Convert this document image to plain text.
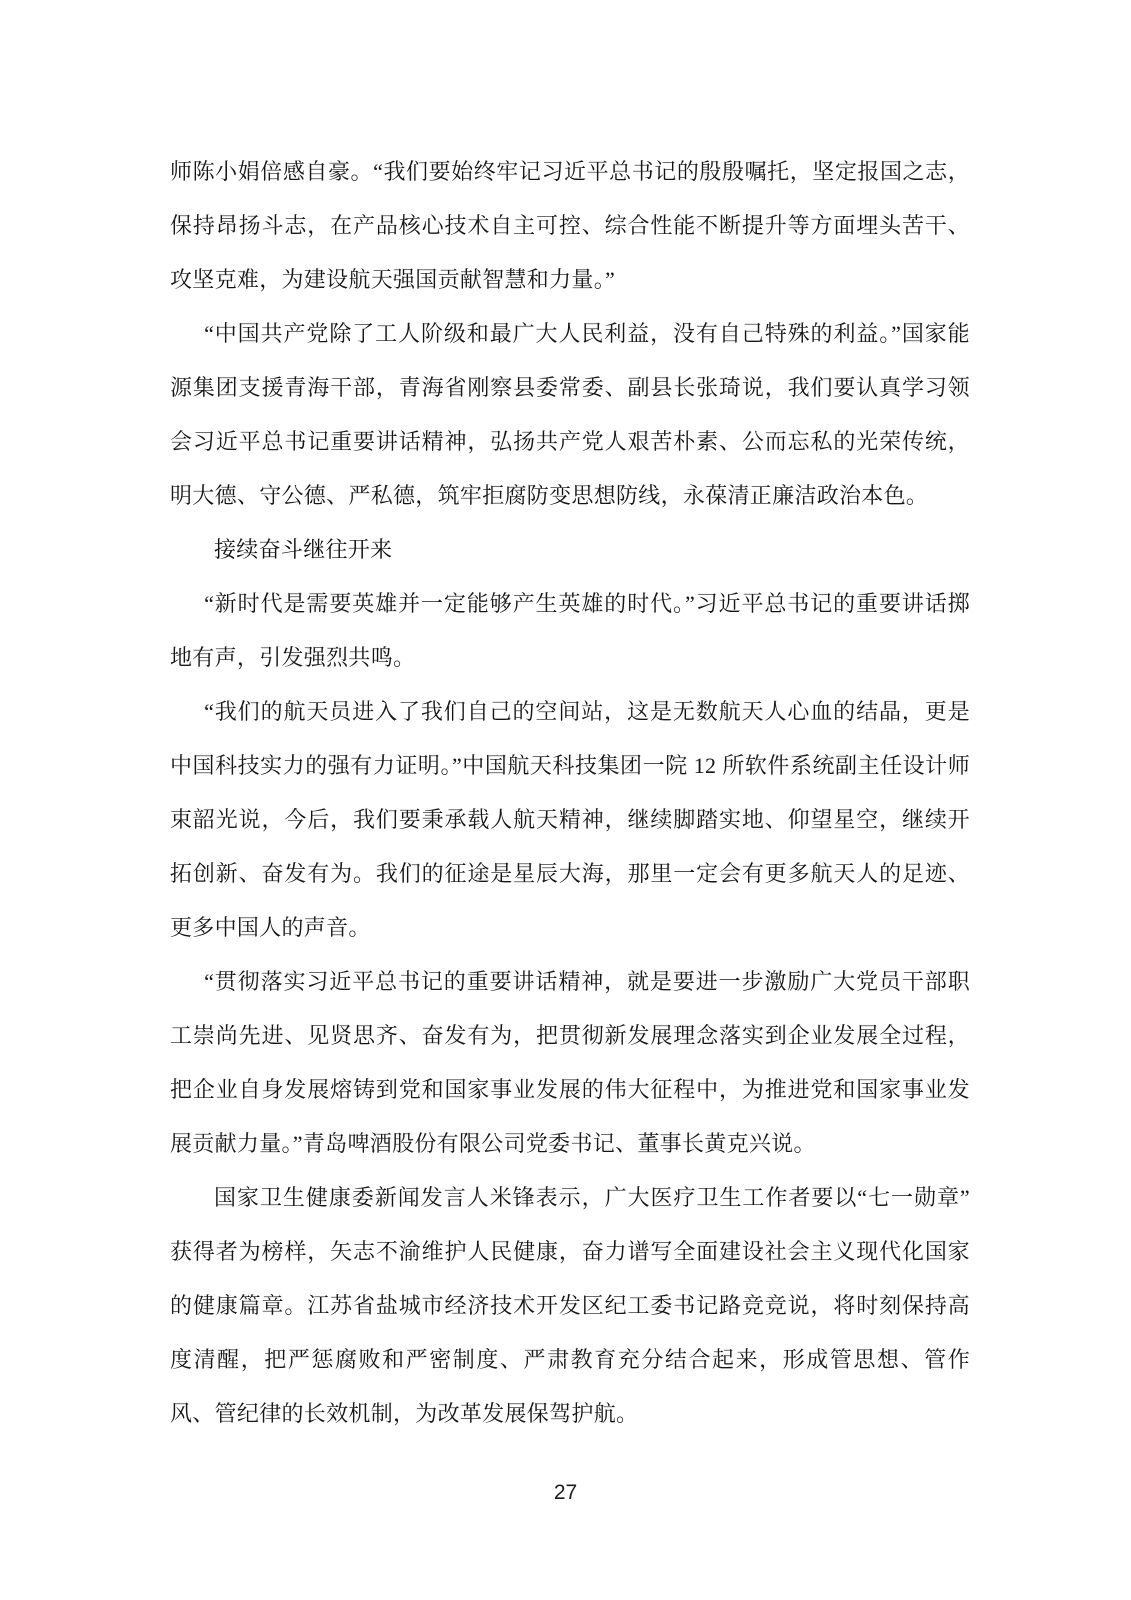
师陈小娟倍感自豪。“我们要始终牢记习近平总书记的殷殷嘱托，坚定报国之志，保持昂扬斗志，在产品核心技术自主可控、综合性能不断提升等方面埋头苦干、攻坚克难，为建设航天强国贡献智慧和力量。”

“中国共产党除了工人阶级和最广大人民利益，没有自己特殊的利益。”国家能源集团支援青海干部，青海省刚察县委常委、副县长张琦说，我们要认真学习领会习近平总书记重要讲话精神，弘扬共产党人艰苦朴素、公而忘私的光荣传统，明大德、守公德、严私德，筑牢拒腐防变思想防线，永葆清正廉洁政治本色。

接续奋斗继往开来

“新时代是需要英雄并一定能够产生英雄的时代。”习近平总书记的重要讲话掷地有声，引发强烈共鸣。

“我们的航天员进入了我们自己的空间站，这是无数航天人心血的结晶，更是中国科技实力的强有力证明。”中国航天科技集团一院 12 所软件系统副主任设计师束韶光说，今后，我们要秉承载人航天精神，继续脚踏实地、仰望星空，继续开拓创新、奋发有为。我们的征途是星辰大海，那里一定会有更多航天人的足迹、更多中国人的声音。

“贯彻落实习近平总书记的重要讲话精神，就是要进一步激励广大党员干部职工崇尚先进、见贤思齐、奋发有为，把贯彻新发展理念落实到企业发展全过程，把企业自身发展熔铸到党和国家事业发展的伟大征程中，为推进党和国家事业发展贡献力量。”青岛啤酒股份有限公司党委书记、董事长黄克兴说。

国家卫生健康委新闻发言人米锋表示，广大医疗卫生工作者要以“七一勋章”获得者为榜样，矢志不渝维护人民健康，奋力谱写全面建设社会主义现代化国家的健康篇章。江苏省盐城市经济技术开发区纪工委书记路竞竞说，将时刻保持高度清醒，把严惩腐败和严密制度、严肃教育充分结合起来，形成管思想、管作风、管纪律的长效机制，为改革发展保驾护航。

27
